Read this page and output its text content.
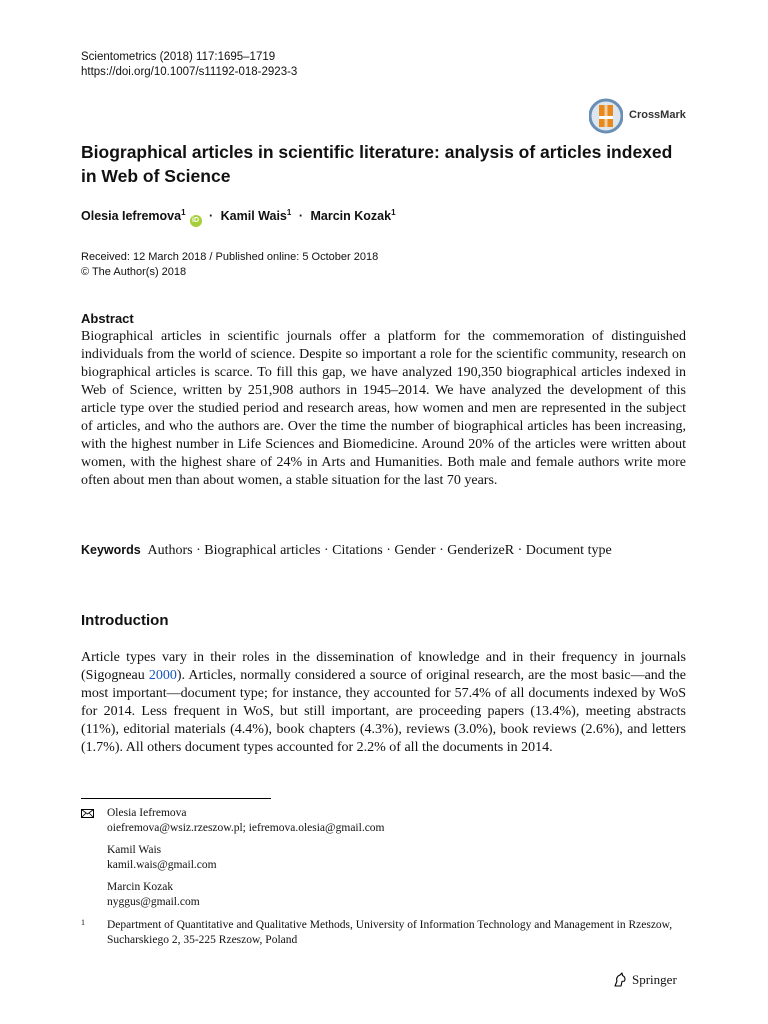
Scientometrics (2018) 117:1695–1719
https://doi.org/10.1007/s11192-018-2923-3
CrossMark
Biographical articles in scientific literature: analysis of articles indexed in Web of Science
Olesia Iefremova$^1$iD · Kamil Wais$^1$ · Marcin Kozak$^1$
Received: 12 March 2018 / Published online: 5 October 2018
© The Author(s) 2018
Abstract
Biographical articles in scientific journals offer a platform for the commemoration of distinguished individuals from the world of science. Despite so important a role for the scientific community, research on biographical articles is scarce. To fill this gap, we have analyzed 190,350 biographical articles indexed in Web of Science, written by 251,908 authors in 1945–2014. We have analyzed the development of this article type over the studied period and research areas, how women and men are represented in the subject of articles, and who the authors are. Over the time the number of biographical articles has been increasing, with the highest number in Life Sciences and Biomedicine. Around 20% of the articles were written about women, with the highest share of 24% in Arts and Humanities. Both male and female authors write more often about men than about women, a stable situation for the last 70 years.
Keywords Authors · Biographical articles · Citations · Gender · GenderizeR · Document type
Introduction
Article types vary in their roles in the dissemination of knowledge and in their frequency in journals (Sigogneau 2000). Articles, normally considered a source of original research, are the most basic—and the most important—document type; for instance, they accounted for 57.4% of all documents indexed by WoS for 2014. Less frequent in WoS, but still important, are proceeding papers (13.4%), meeting abstracts (11%), editorial materials (4.4%), book chapters (4.3%), reviews (3.0%), book reviews (2.6%), and letters (1.7%). All others document types accounted for 2.2% of all the documents in 2014.
Olesia Iefremova
oiefremova@wsiz.rzeszow.pl; iefremova.olesia@gmail.com
Kamil Wais
kamil.wais@gmail.com
Marcin Kozak
nyggus@gmail.com
1 Department of Quantitative and Qualitative Methods, University of Information Technology and Management in Rzeszow, Sucharskiego 2, 35-225 Rzeszow, Poland
Springer
